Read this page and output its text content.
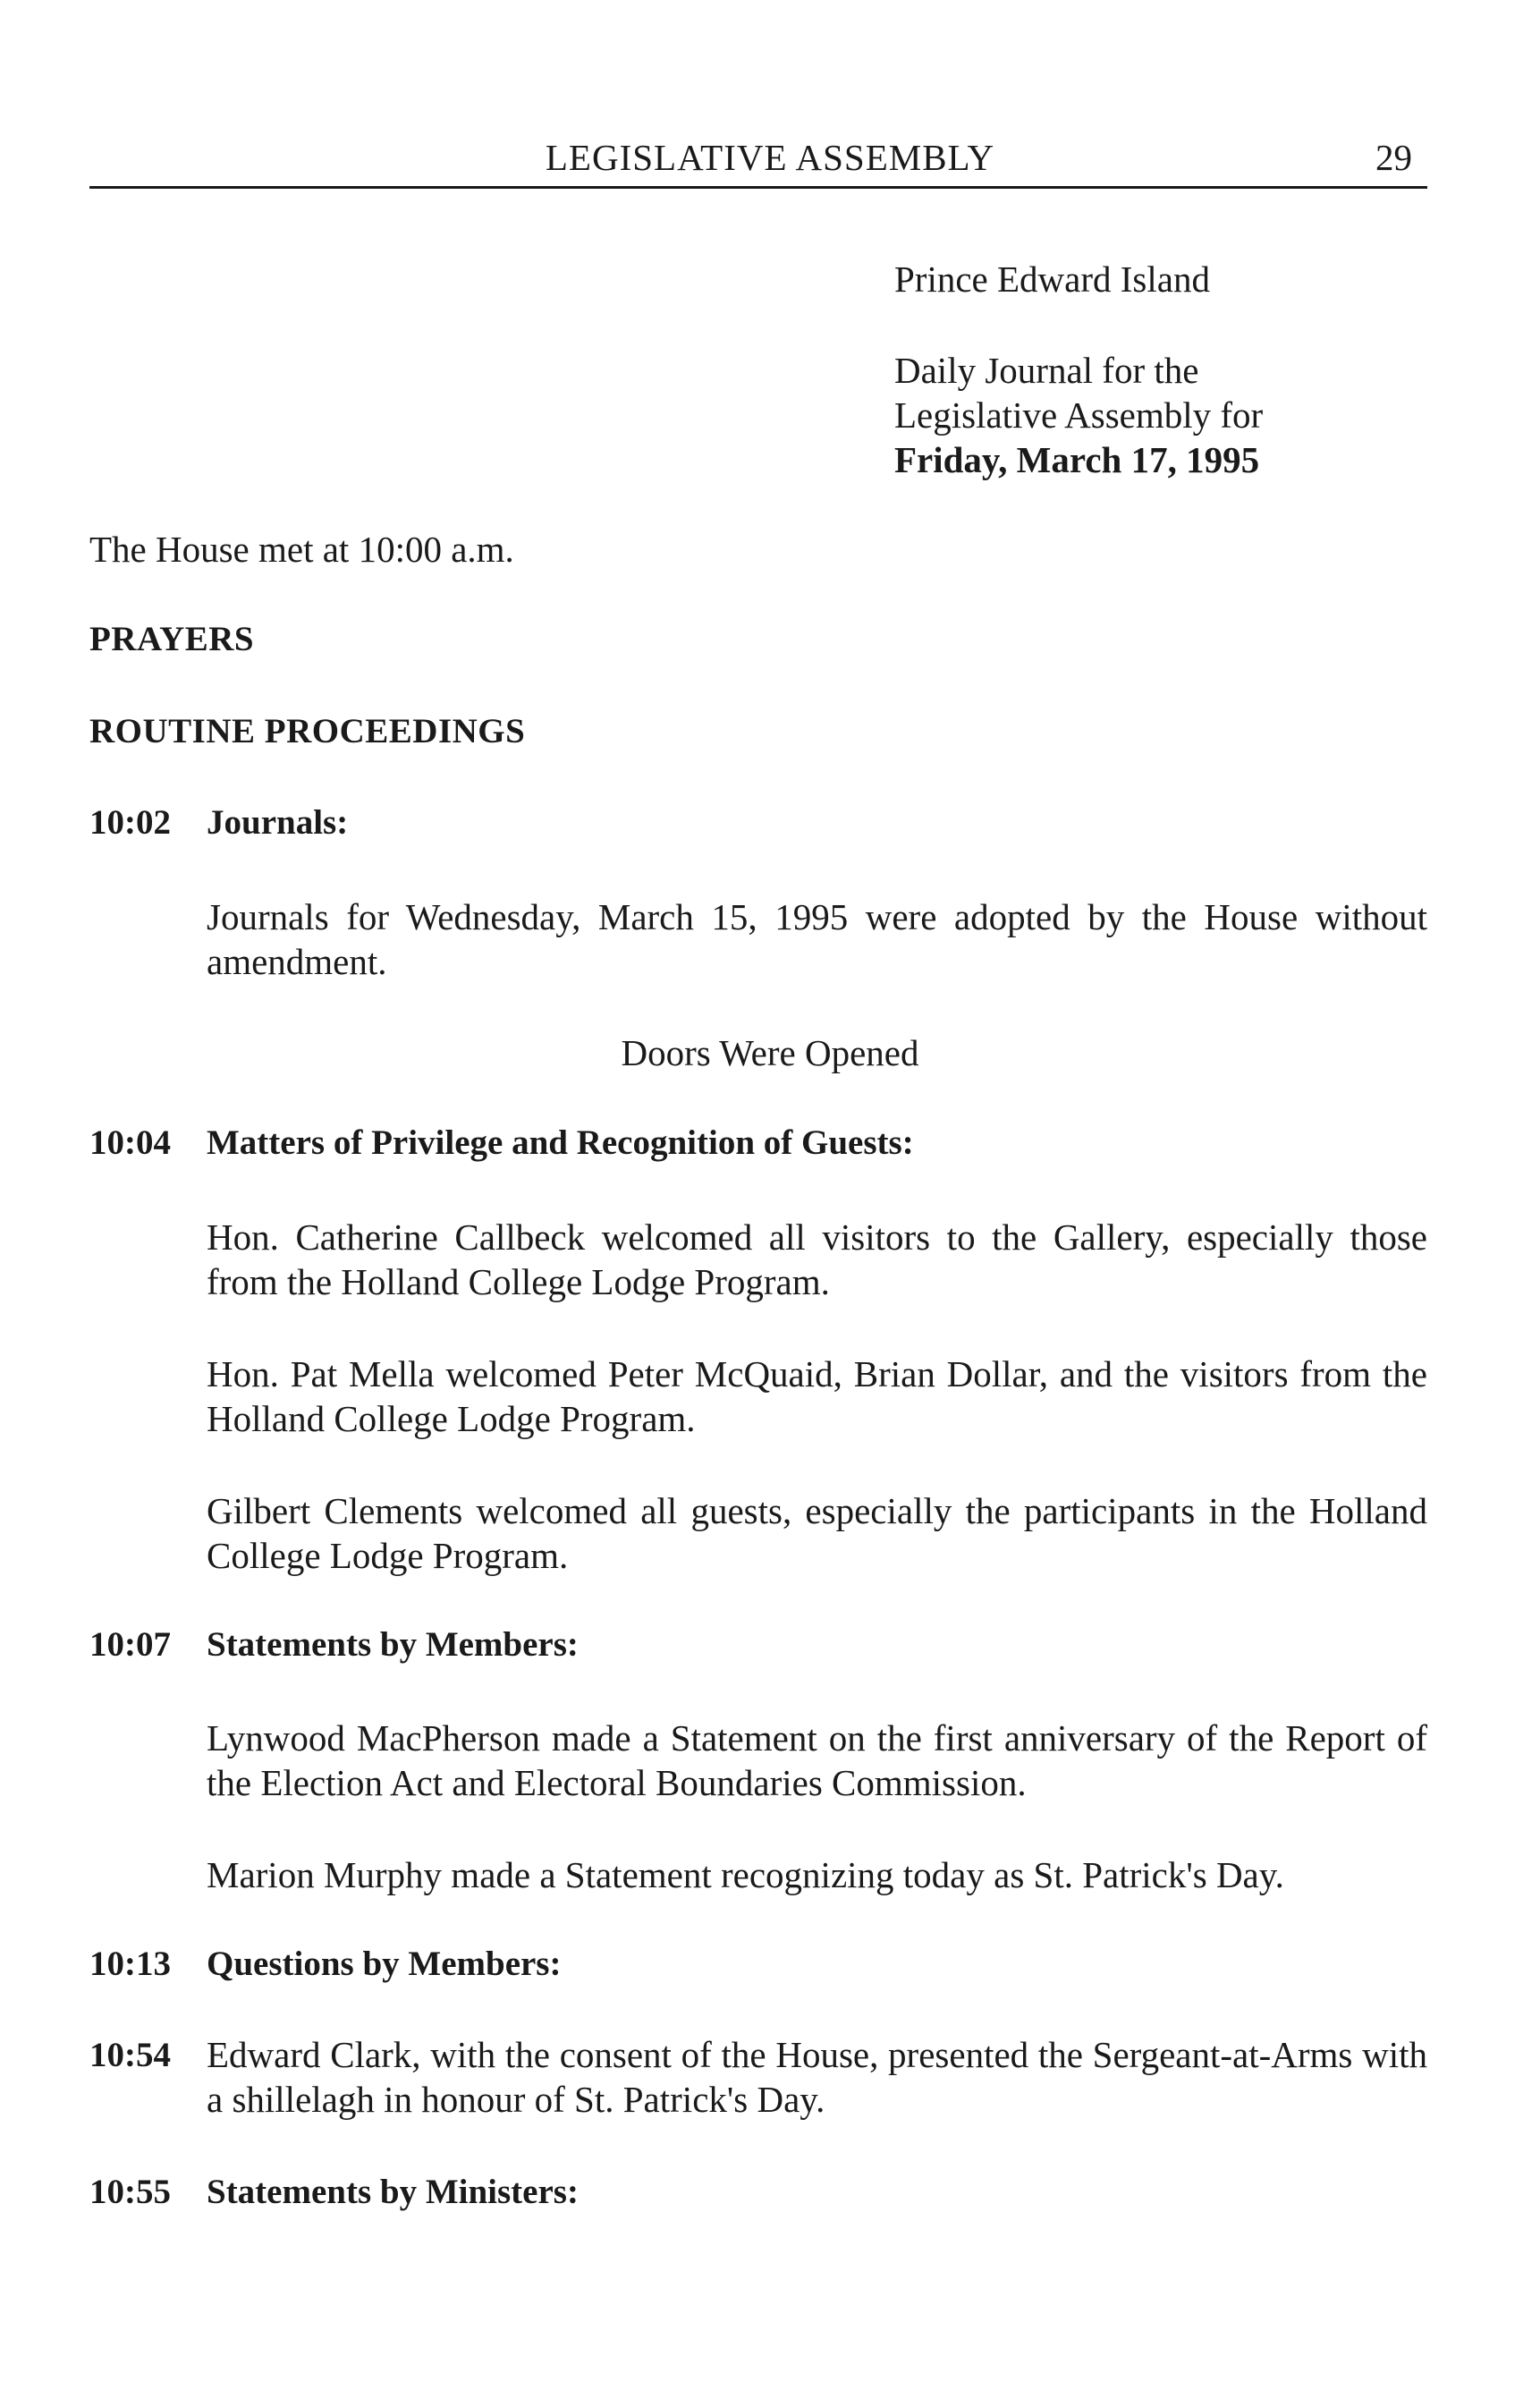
LEGISLATIVE ASSEMBLY	29
Prince Edward Island
Daily Journal for the
Legislative Assembly for
Friday, March 17, 1995
The House met at 10:00 a.m.
PRAYERS
ROUTINE PROCEEDINGS
10:02 Journals:
Journals for Wednesday, March 15, 1995 were adopted by the House without amendment.
Doors Were Opened
10:04 Matters of Privilege and Recognition of Guests:
Hon. Catherine Callbeck welcomed all visitors to the Gallery, especially those from the Holland College Lodge Program.
Hon. Pat Mella welcomed Peter McQuaid, Brian Dollar, and the visitors from the Holland College Lodge Program.
Gilbert Clements welcomed all guests, especially the participants in the Holland College Lodge Program.
10:07 Statements by Members:
Lynwood MacPherson made a Statement on the first anniversary of the Report of the Election Act and Electoral Boundaries Commission.
Marion Murphy made a Statement recognizing today as St. Patrick's Day.
10:13 Questions by Members:
10:54 Edward Clark, with the consent of the House, presented the Sergeant-at-Arms with a shillelagh in honour of St. Patrick's Day.
10:55 Statements by Ministers:
